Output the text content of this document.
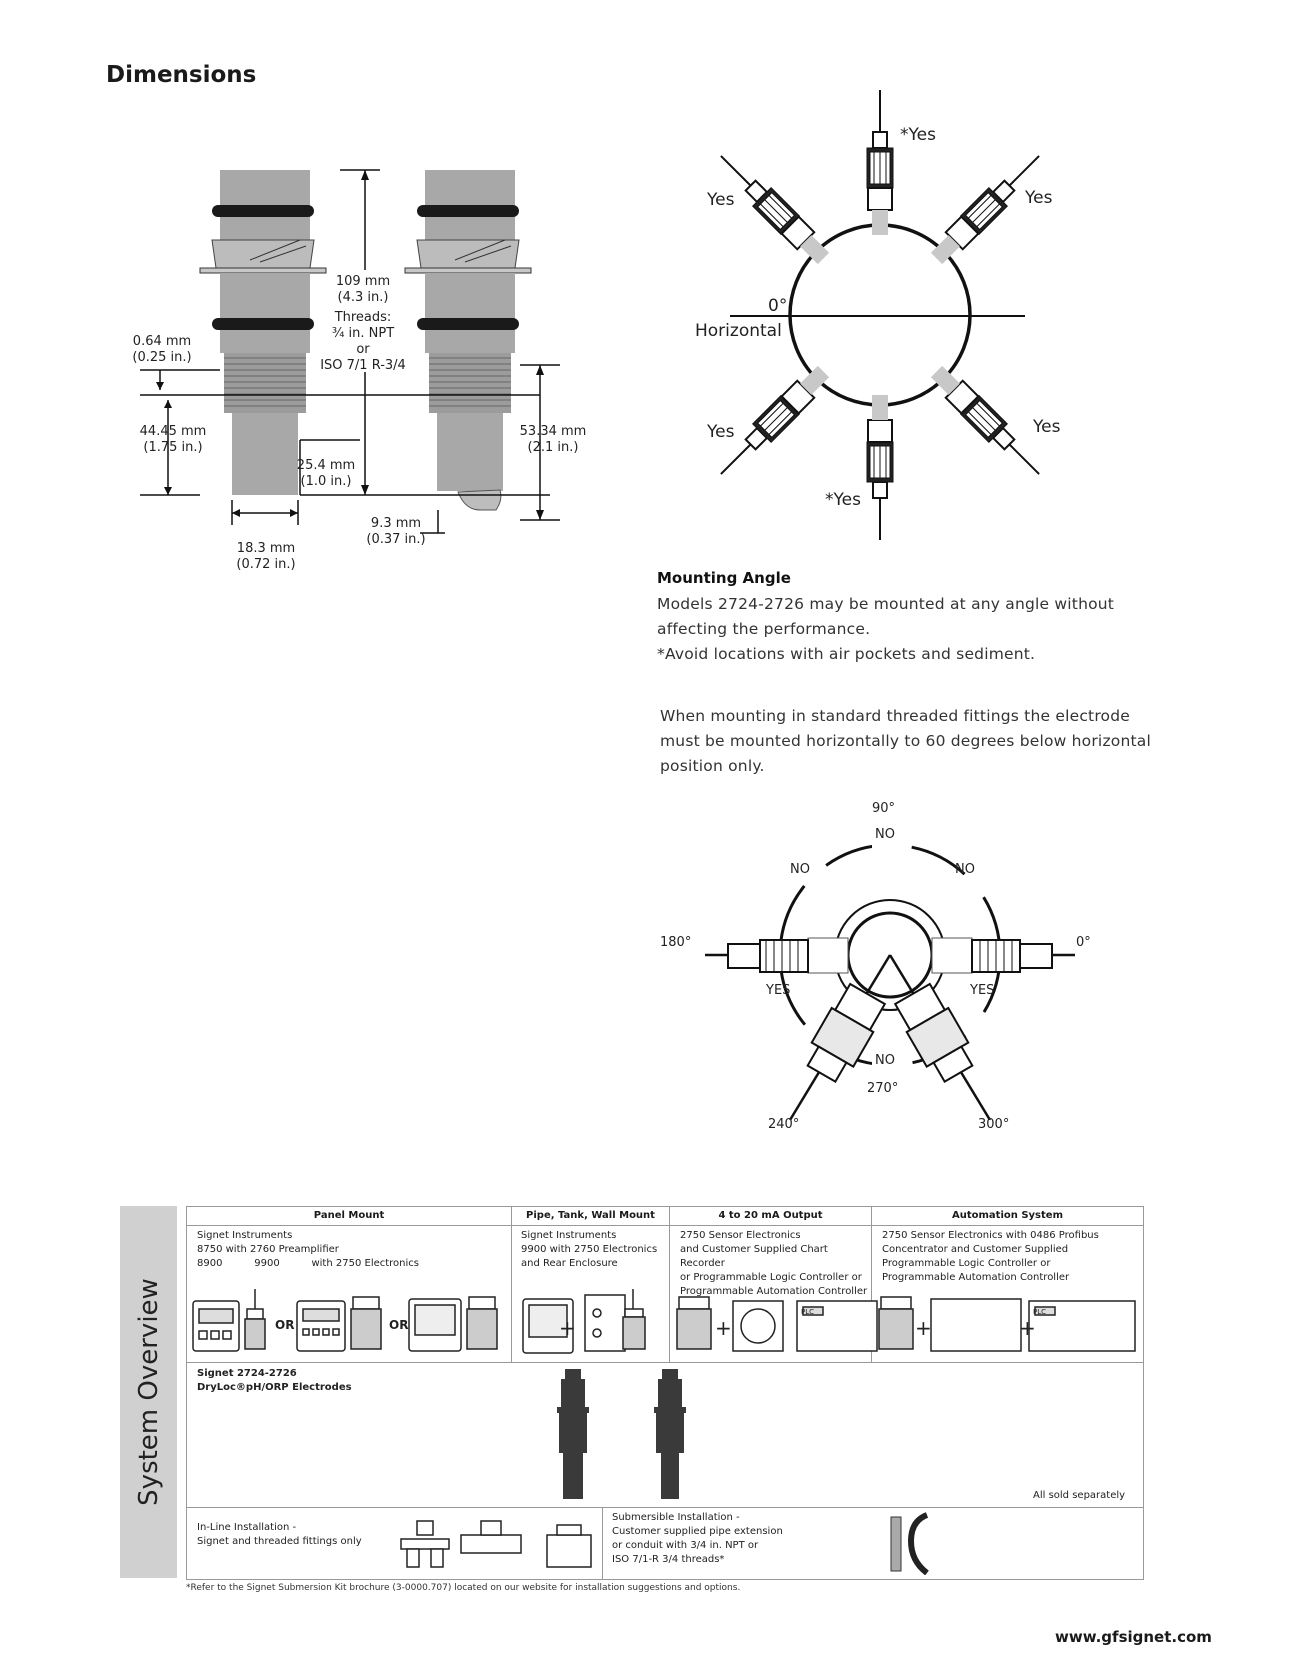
Dimensions
109 mm
(4.3 in.)
Threads:
¾ in. NPT
or
ISO 7/1 R-3/4
0.64 mm
(0.25 in.)
44.45 mm
(1.75 in.)
25.4 mm
(1.0 in.)
53.34 mm
(2.1 in.)
9.3 mm
(0.37 in.)
18.3 mm
(0.72 in.)
*Yes
Yes	Yes
0°
Horizontal
Yes	Yes
*Yes
Mounting Angle
Models 2724-2726 may be mounted at any angle without
affecting the performance.
*Avoid locations with air pockets and sediment.
When mounting in standard threaded fittings the electrode
must be mounted horizontally to 60 degrees below horizontal
position only.
90°
NO
NO	NO
180°	0°
YES	YES
NO
270°
240°	300°
System Overview
Panel Mount	Pipe, Tank, Wall Mount	4 to 20 mA Output	Automation System
Signet Instruments
8750 with 2760 Preamplifier
8900          9900          with 2750 Electronics
Signet Instruments
9900 with 2750 Electronics
and Rear Enclosure
2750 Sensor Electronics
and Customer Supplied Chart Recorder
or Programmable Logic Controller or
Programmable Automation Controller
2750 Sensor Electronics with 0486 Profibus
Concentrator and Customer Supplied
Programmable Logic Controller or
Programmable Automation Controller
OR	OR	+	+	+	+
PLC	PLC
Signet 2724-2726
DryLoc®pH/ORP Electrodes
All sold separately
In-Line Installation -
Signet and threaded fittings only
Submersible Installation -
Customer supplied pipe extension
or conduit with 3/4 in. NPT or
ISO 7/1-R 3/4 threads*
*Refer to the Signet Submersion Kit brochure (3-0000.707) located on our website for installation suggestions and options.
www.gfsignet.com
